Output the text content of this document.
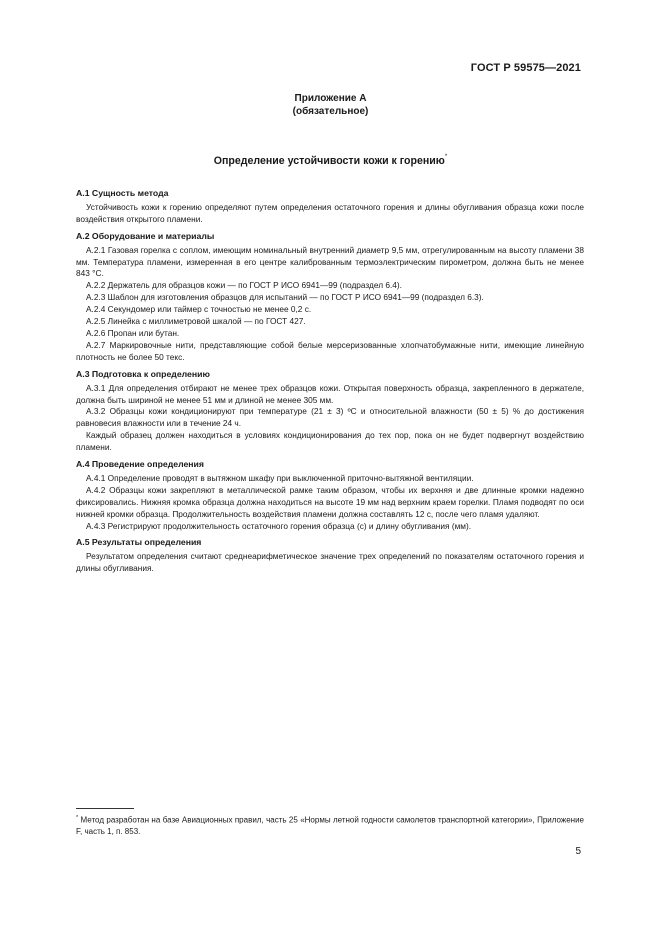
ГОСТ Р 59575—2021
Приложение А
(обязательное)
Определение устойчивости кожи к горению*
А.1 Сущность метода

Устойчивость кожи к горению определяют путем определения остаточного горения и длины обугливания образца кожи после воздействия открытого пламени.

А.2 Оборудование и материалы

А.2.1 Газовая горелка с соплом, имеющим номинальный внутренний диаметр 9,5 мм, отрегулированным на высоту пламени 38 мм. Температура пламени, измеренная в его центре калиброванным термоэлектрическим пирометром, должна быть не менее 843 °С.

А.2.2 Держатель для образцов кожи — по ГОСТ Р ИСО 6941—99 (подраздел 6.4).

А.2.3 Шаблон для изготовления образцов для испытаний — по ГОСТ Р ИСО 6941—99 (подраздел 6.3).

А.2.4 Секундомер или таймер с точностью не менее 0,2 с.

А.2.5 Линейка с миллиметровой шкалой — по ГОСТ 427.

А.2.6 Пропан или бутан.

А.2.7 Маркировочные нити, представляющие собой белые мерсеризованные хлопчатобумажные нити, имеющие линейную плотность не более 50 текс.

А.3 Подготовка к определению

А.3.1 Для определения отбирают не менее трех образцов кожи. Открытая поверхность образца, закрепленного в держателе, должна быть шириной не менее 51 мм и длиной не менее 305 мм.

А.3.2 Образцы кожи кондиционируют при температуре (21 ± 3) ºС и относительной влажности (50 ± 5) % до достижения равновесия влажности или в течение 24 ч.

Каждый образец должен находиться в условиях кондиционирования до тех пор, пока он не будет подвергнут воздействию пламени.

А.4 Проведение определения

А.4.1 Определение проводят в вытяжном шкафу при выключенной приточно-вытяжной вентиляции.

А.4.2 Образцы кожи закрепляют в металлической рамке таким образом, чтобы их верхняя и две длинные кромки надежно фиксировались. Нижняя кромка образца должна находиться на высоте 19 мм над верхним краем горелки. Пламя подводят по оси нижней кромки образца. Продолжительность воздействия пламени должна составлять 12 с, после чего пламя удаляют.

А.4.3 Регистрируют продолжительность остаточного горения образца (с) и длину обугливания (мм).

А.5 Результаты определения

Результатом определения считают среднеарифметическое значение трех определений по показателям остаточного горения и длины обугливания.

* Метод разработан на базе Авиационных правил, часть 25 «Нормы летной годности самолетов транспортной категории», Приложение F, часть 1, п. 853.
5
